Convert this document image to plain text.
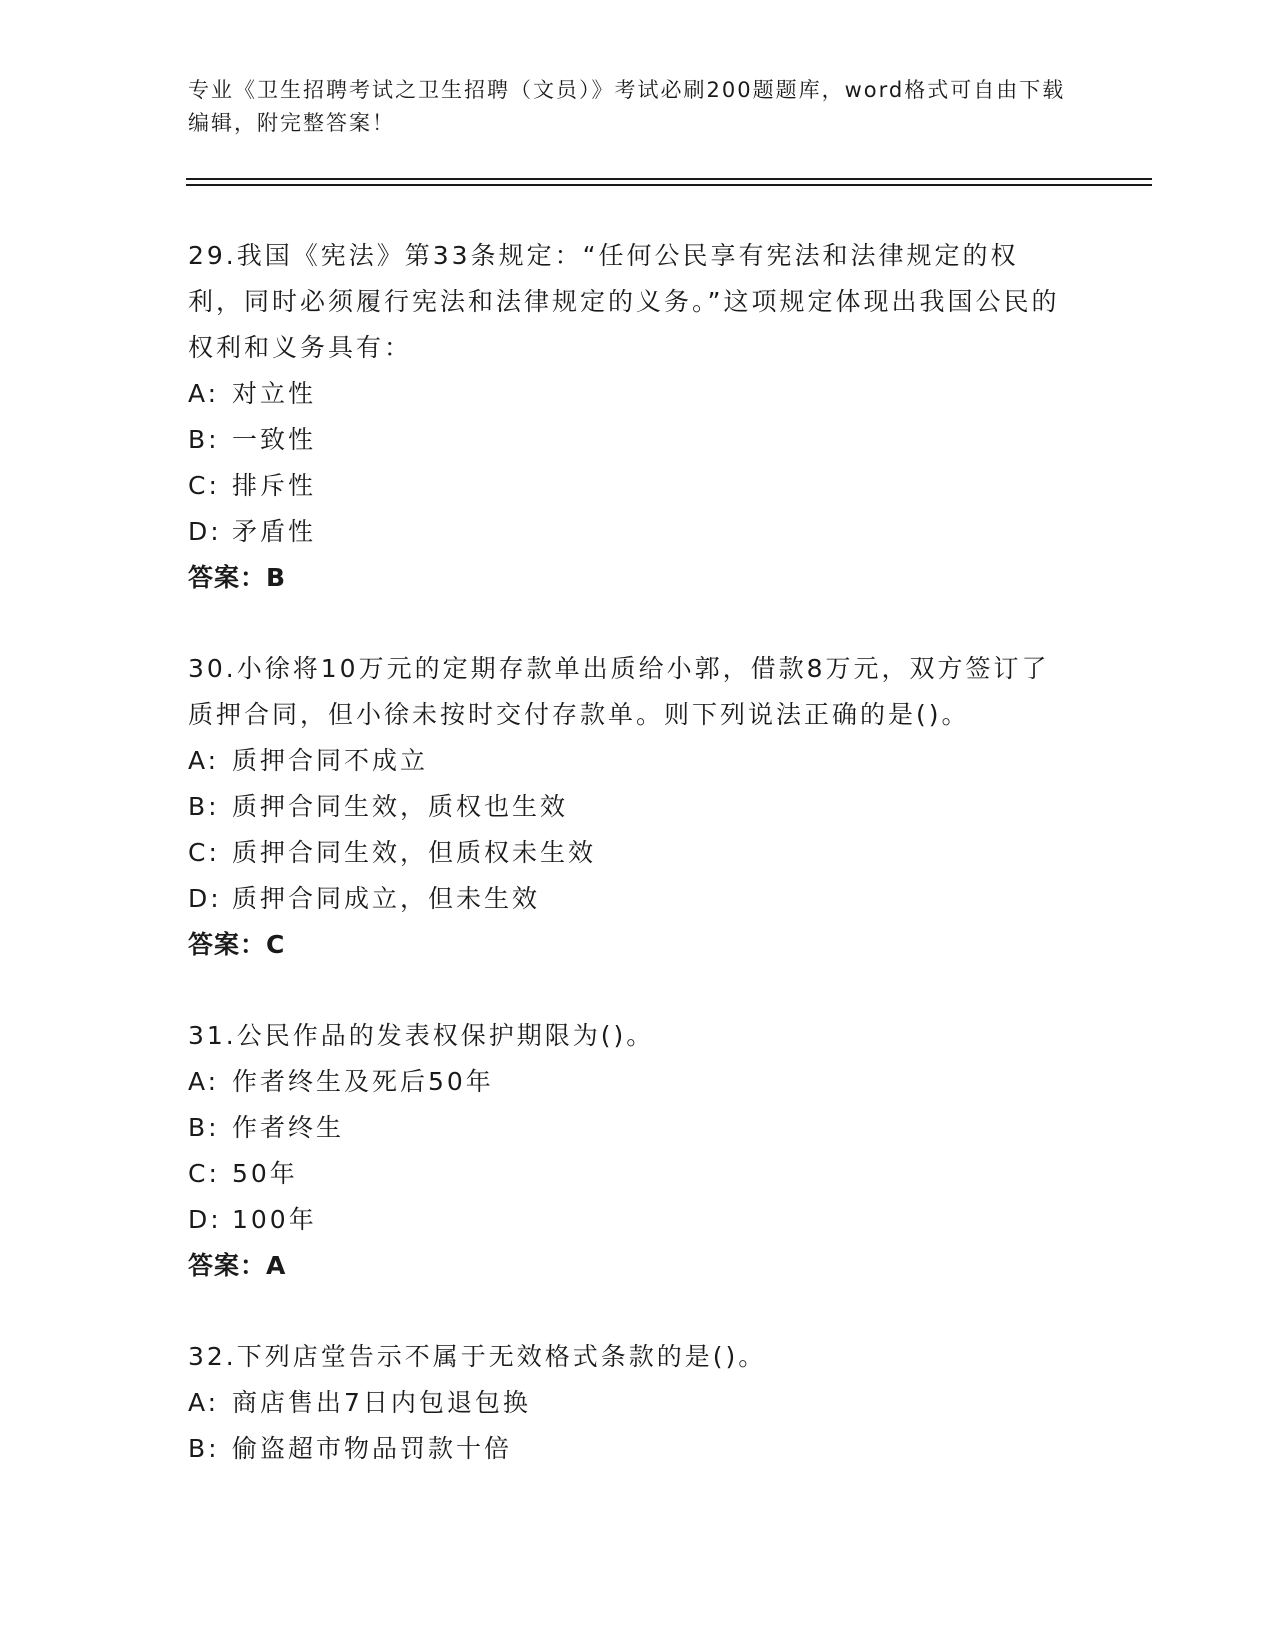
专业《卫生招聘考试之卫生招聘（文员）》考试必刷200题题库，word格式可自由下载编辑，附完整答案！

29.我国《宪法》第33条规定：“任何公民享有宪法和法律规定的权利，同时必须履行宪法和法律规定的义务。”这项规定体现出我国公民的权利和义务具有：

A: 对立性
B: 一致性
C: 排斥性
D: 矛盾性
答案：B

30.小徐将10万元的定期存款单出质给小郭，借款8万元，双方签订了质押合同，但小徐未按时交付存款单。则下列说法正确的是()。

A: 质押合同不成立
B: 质押合同生效，质权也生效
C: 质押合同生效，但质权未生效
D: 质押合同成立，但未生效
答案：C

31.公民作品的发表权保护期限为()。

A: 作者终生及死后50年
B: 作者终生
C: 50年
D: 100年
答案：A

32.下列店堂告示不属于无效格式条款的是()。

A: 商店售出7日内包退包换
B: 偷盗超市物品罚款十倍
